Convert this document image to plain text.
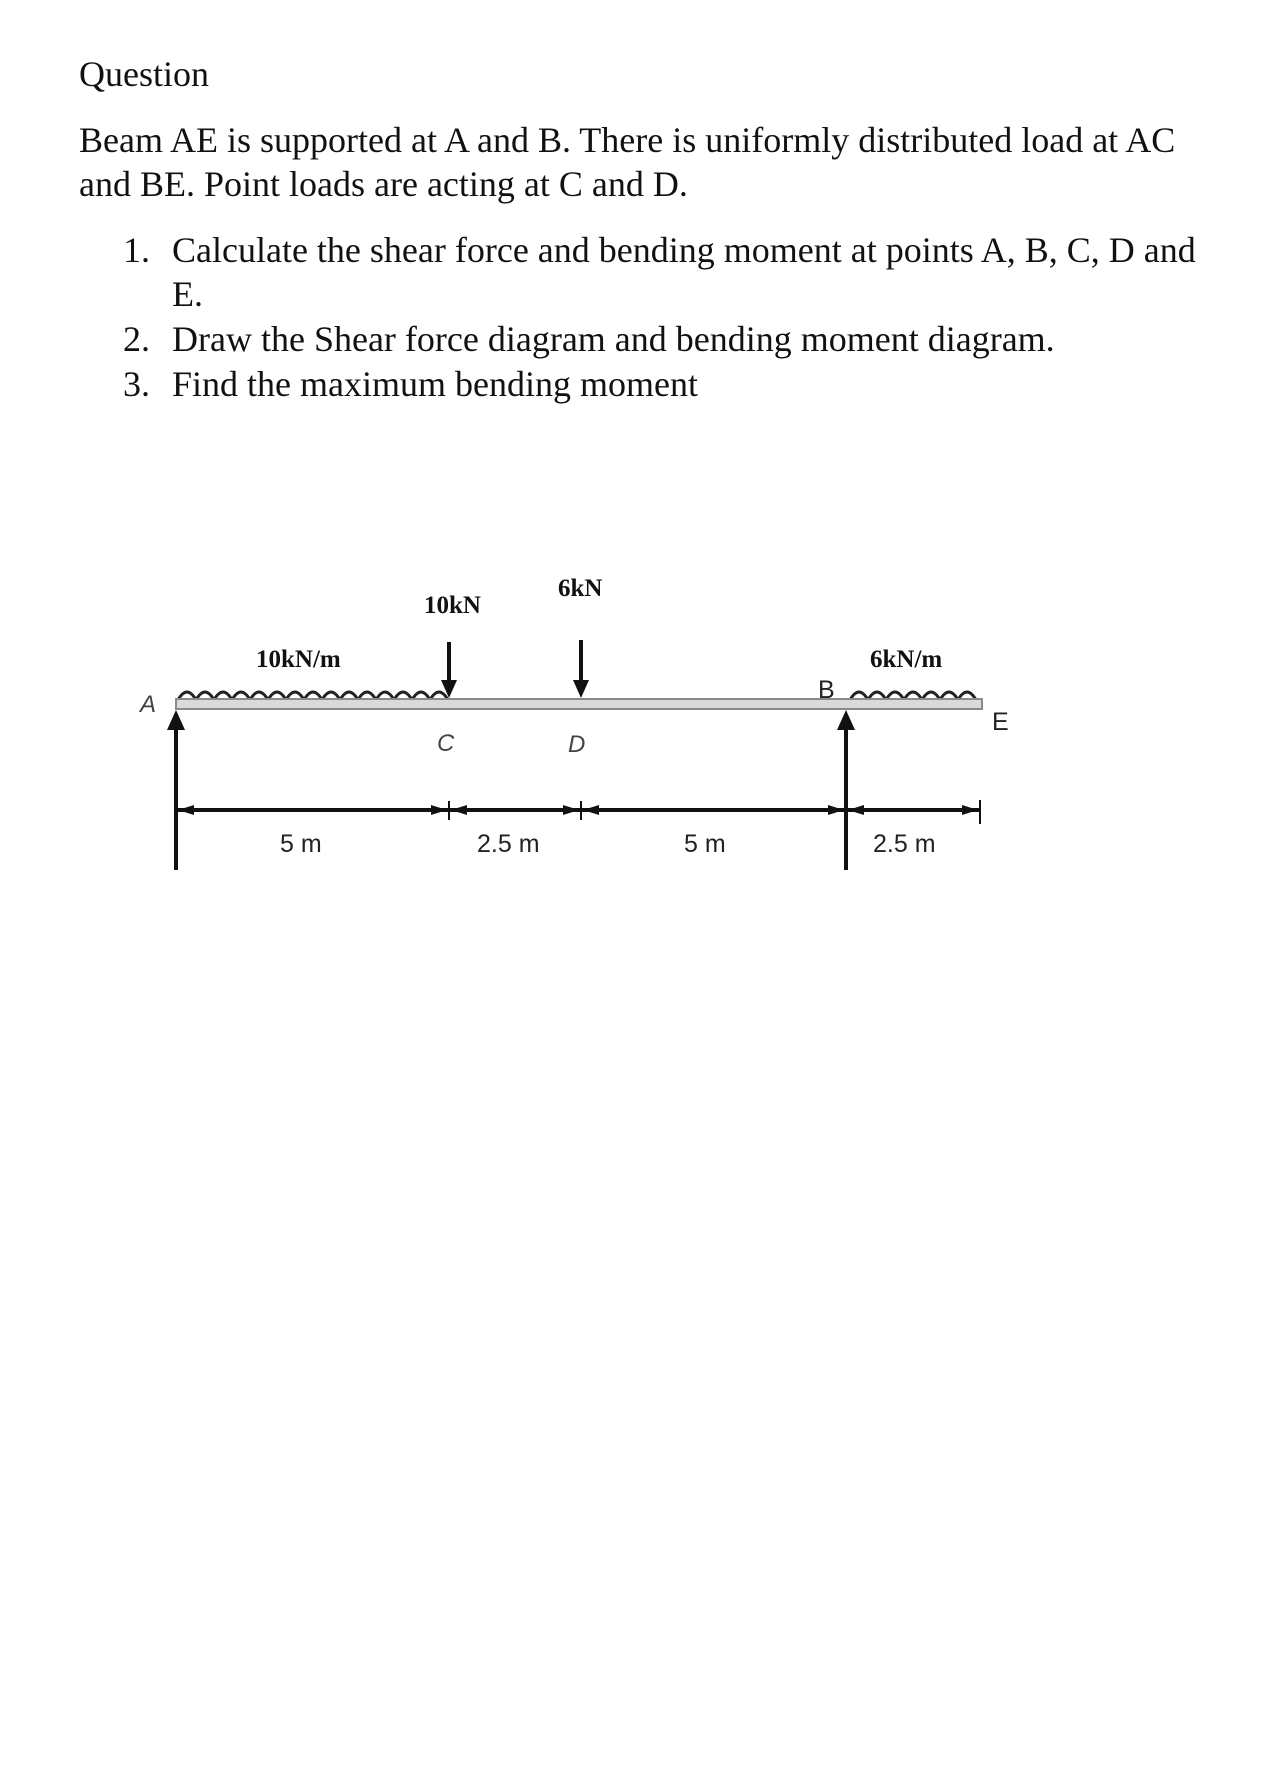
Question
Beam AE is supported at A and B. There is uniformly distributed load at AC and BE. Point loads are acting at C and D.
1. Calculate the shear force and bending moment at points A, B, C, D and E.
2. Draw the Shear force diagram and bending moment diagram.
3. Find the maximum bending moment
10kN
6kN
10kN/m	6kN/m
A
B
C	D
E
5 m	2.5 m	5 m	2.5 m
